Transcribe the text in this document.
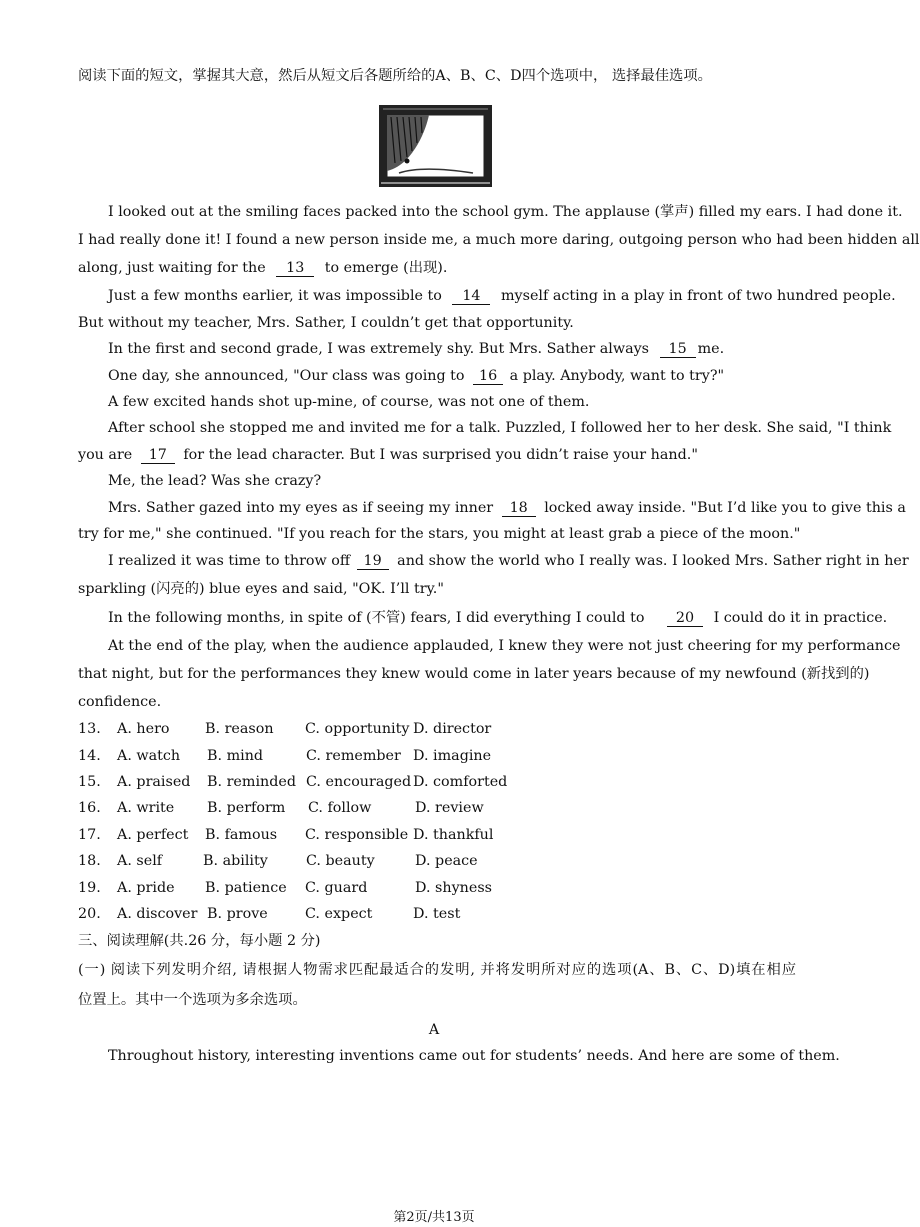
阅读下面的短文，掌握其大意，然后从短文后各题所给的A、B、C、D四个选项中， 选择最佳选项。
I looked out at the smiling faces packed into the school gym. The applause (掌声) filled my ears. I had done it.
I had really done it! I found a new person inside me, a much more daring, outgoing person who had been hidden all
along, just waiting for the 13 to emerge (出现).
Just a few months earlier, it was impossible to 14 myself acting in a play in front of two hundred people.
But without my teacher, Mrs. Sather, I couldn’t get that opportunity.
In the first and second grade, I was extremely shy. But Mrs. Sather always 15 me.
One day, she announced, "Our class was going to 16 a play. Anybody, want to try?"
A few excited hands shot up-mine, of course, was not one of them.
After school she stopped me and invited me for a talk. Puzzled, I followed her to her desk. She said, "I think
you are 17 for the lead character. But I was surprised you didn’t raise your hand."
Me, the lead? Was she crazy?
Mrs. Sather gazed into my eyes as if seeing my inner 18 locked away inside. "But I’d like you to give this a
try for me," she continued. "If you reach for the stars, you might at least grab a piece of the moon."
I realized it was time to throw off 19 and show the world who I really was. I looked Mrs. Sather right in her
sparkling (闪亮的) blue eyes and said, "OK. I’ll try."
In the following months, in spite of (不管) fears, I did everything I could to 20 I could do it in practice.
At the end of the play, when the audience applauded, I knew they were not just cheering for my performance
that night, but for the performances they knew would come in later years because of my newfound (新找到的)
confidence.
13. A. hero B. reason C. opportunity D. director
14. A. watch B. mind	C. remember D. imagine
15. A. praised B. reminded C. encouraged D. comforted
16. A. write B. perform C. follow	D. review
17. A. perfect B. famous C. responsible D. thankful
18. A. self	B. ability	C. beauty	D. peace
19. A. pride B. patience C. guard	D. shyness
20. A. discover B. prove	C. expect	D. test
三、阅读理解(共.26 分，每小题 2 分)
(一) 阅读下列发明介绍, 请根据人物需求匹配最适合的发明, 并将发明所对应的选项(A、B、C、D)填在相应
位置上。其中一个选项为多余选项。
A
Throughout history, interesting inventions came out for students’ needs. And here are some of them.
第2页/共13页
